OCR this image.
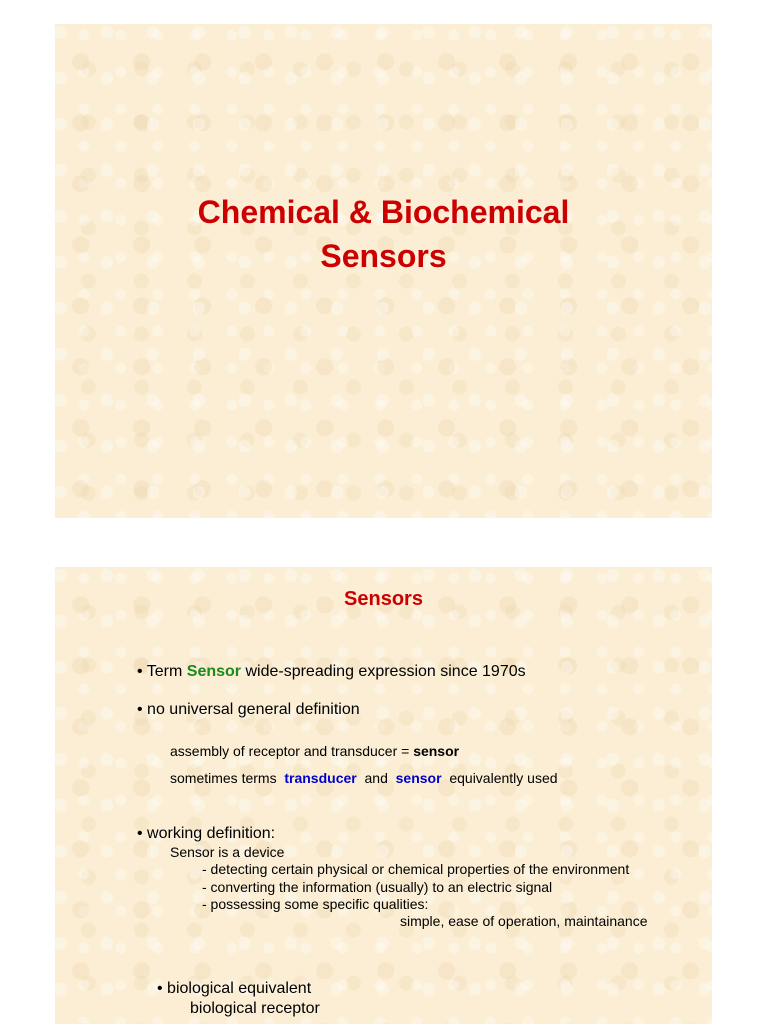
Chemical & Biochemical
Sensors
Sensors
• Term Sensor wide-spreading expression since 1970s
• no universal general definition
assembly of receptor and transducer = sensor
sometimes terms  transducer  and  sensor  equivalently used
• working definition:
Sensor is a device
- detecting certain physical or chemical properties of the environment
- converting the information (usually) to an electric signal
- possessing some specific qualities:
simple, ease of operation, maintainance
• biological equivalent
biological receptor
